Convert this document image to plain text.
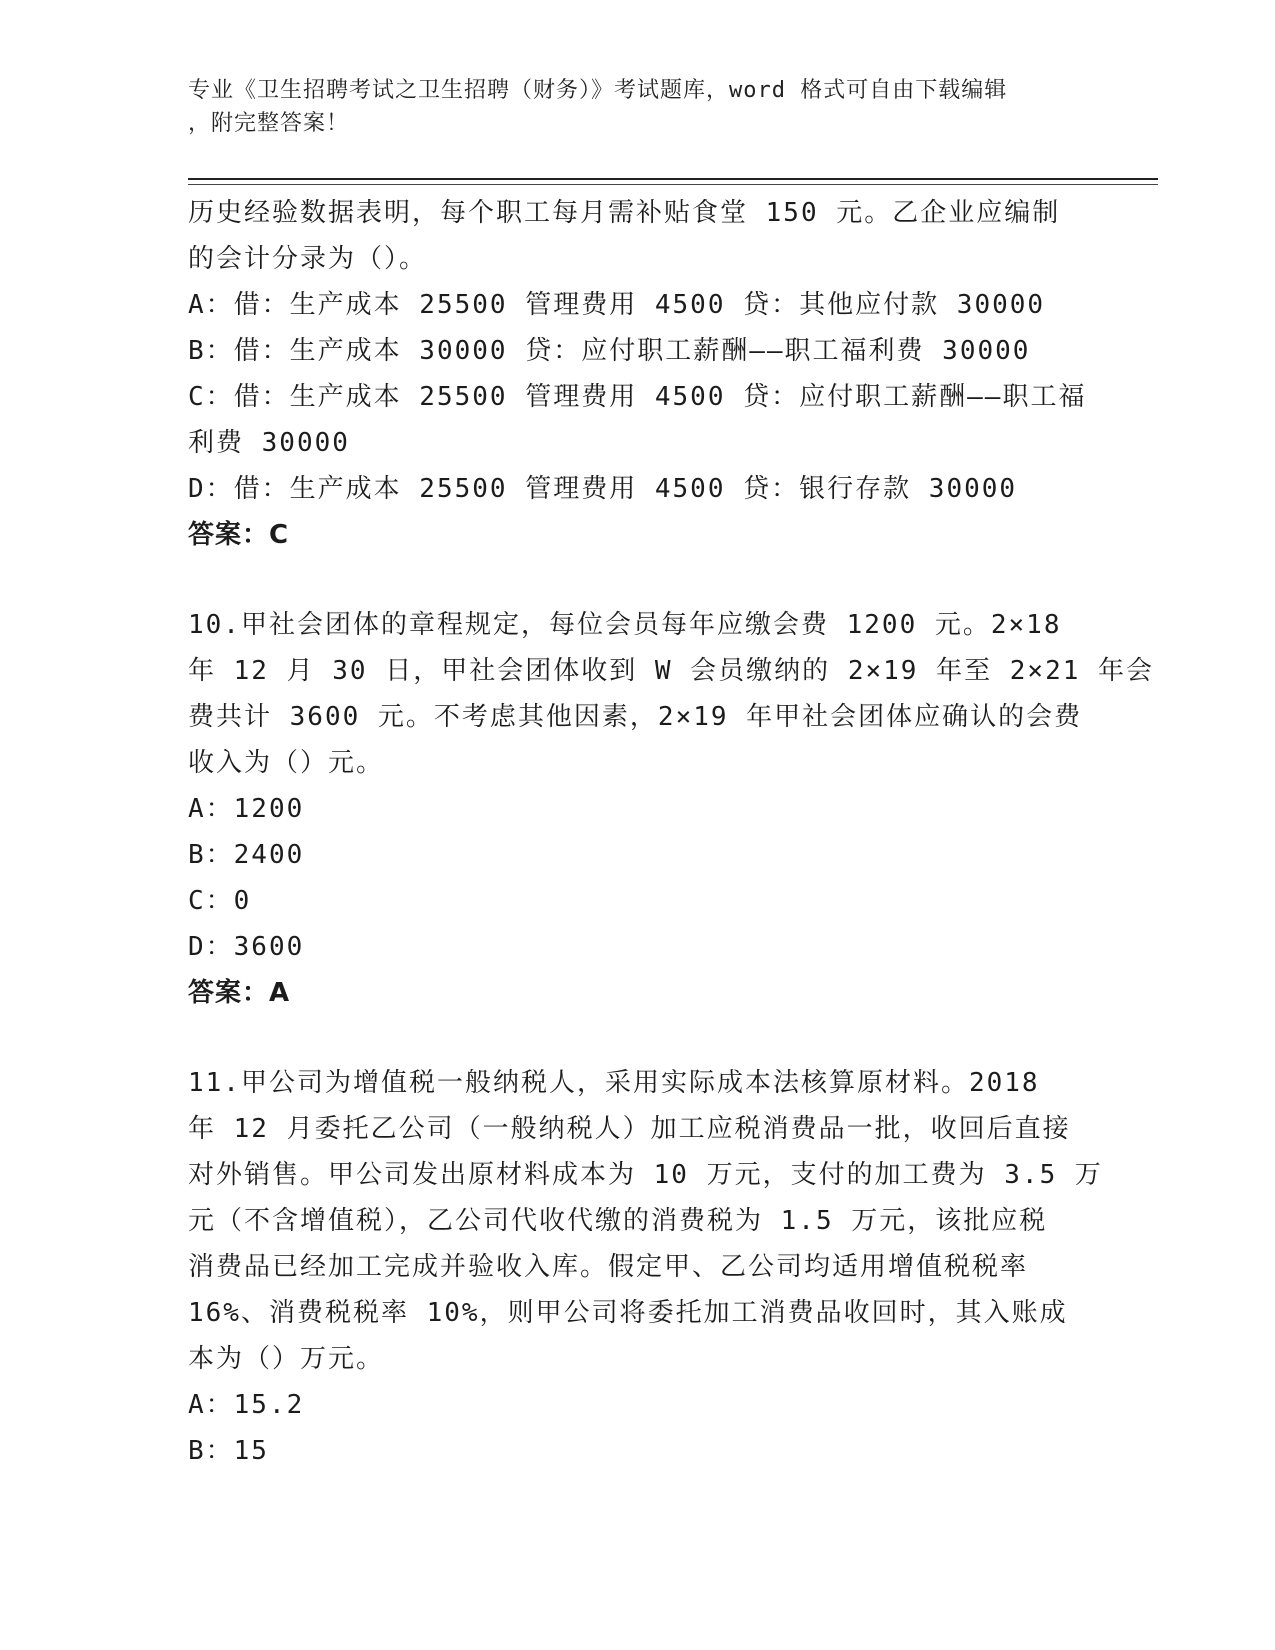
专业《卫生招聘考试之卫生招聘（财务）》考试题库，word 格式可自由下载编辑
，附完整答案！
历史经验数据表明，每个职工每月需补贴食堂 150 元。乙企业应编制
的会计分录为（）。
A：借：生产成本 25500 管理费用 4500 贷：其他应付款 30000
B：借：生产成本 30000 贷：应付职工薪酬——职工福利费 30000
C：借：生产成本 25500 管理费用 4500 贷：应付职工薪酬——职工福
利费 30000
D：借：生产成本 25500 管理费用 4500 贷：银行存款 30000
答案：C
10.甲社会团体的章程规定，每位会员每年应缴会费 1200 元。2×18
年 12 月 30 日，甲社会团体收到 W 会员缴纳的 2×19 年至 2×21 年会
费共计 3600 元。不考虑其他因素，2×19 年甲社会团体应确认的会费
收入为（）元。
A：1200
B：2400
C：0
D：3600
答案：A
11.甲公司为增值税一般纳税人，采用实际成本法核算原材料。2018
年 12 月委托乙公司（一般纳税人）加工应税消费品一批，收回后直接
对外销售。甲公司发出原材料成本为 10 万元，支付的加工费为 3.5 万
元（不含增值税），乙公司代收代缴的消费税为 1.5 万元，该批应税
消费品已经加工完成并验收入库。假定甲、乙公司均适用增值税税率
16%、消费税税率 10%，则甲公司将委托加工消费品收回时，其入账成
本为（）万元。
A：15.2
B：15
